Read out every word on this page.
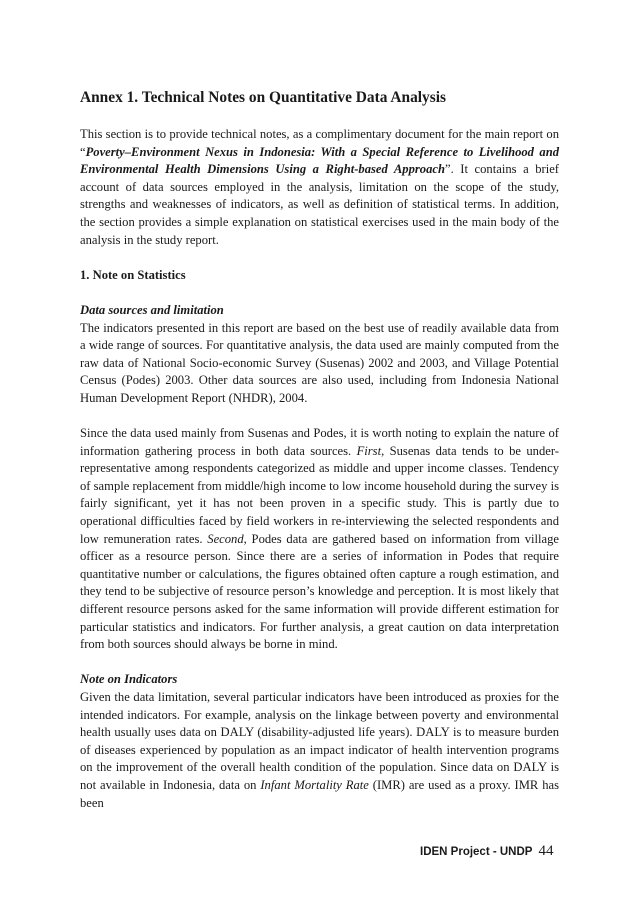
Annex 1. Technical Notes on Quantitative Data Analysis

This section is to provide technical notes, as a complimentary document for the main report on “Poverty–Environment Nexus in Indonesia: With a Special Reference to Livelihood and Environmental Health Dimensions Using a Right-based Approach”. It contains a brief account of data sources employed in the analysis, limitation on the scope of the study, strengths and weaknesses of indicators, as well as definition of statistical terms. In addition, the section provides a simple explanation on statistical exercises used in the main body of the analysis in the study report.

1. Note on Statistics

Data sources and limitation

The indicators presented in this report are based on the best use of readily available data from a wide range of sources. For quantitative analysis, the data used are mainly computed from the raw data of National Socio-economic Survey (Susenas) 2002 and 2003, and Village Potential Census (Podes) 2003. Other data sources are also used, including from Indonesia National Human Development Report (NHDR), 2004.

Since the data used mainly from Susenas and Podes, it is worth noting to explain the nature of information gathering process in both data sources. First, Susenas data tends to be under-representative among respondents categorized as middle and upper income classes. Tendency of sample replacement from middle/high income to low income household during the survey is fairly significant, yet it has not been proven in a specific study. This is partly due to operational difficulties faced by field workers in re-interviewing the selected respondents and low remuneration rates. Second, Podes data are gathered based on information from village officer as a resource person. Since there are a series of information in Podes that require quantitative number or calculations, the figures obtained often capture a rough estimation, and they tend to be subjective of resource person’s knowledge and perception. It is most likely that different resource persons asked for the same information will provide different estimation for particular statistics and indicators. For further analysis, a great caution on data interpretation from both sources should always be borne in mind.

Note on Indicators

Given the data limitation, several particular indicators have been introduced as proxies for the intended indicators. For example, analysis on the linkage between poverty and environmental health usually uses data on DALY (disability-adjusted life years). DALY is to measure burden of diseases experienced by population as an impact indicator of health intervention programs on the improvement of the overall health condition of the population. Since data on DALY is not available in Indonesia, data on Infant Mortality Rate (IMR) are used as a proxy. IMR has been

IDEN Project - UNDP 44
